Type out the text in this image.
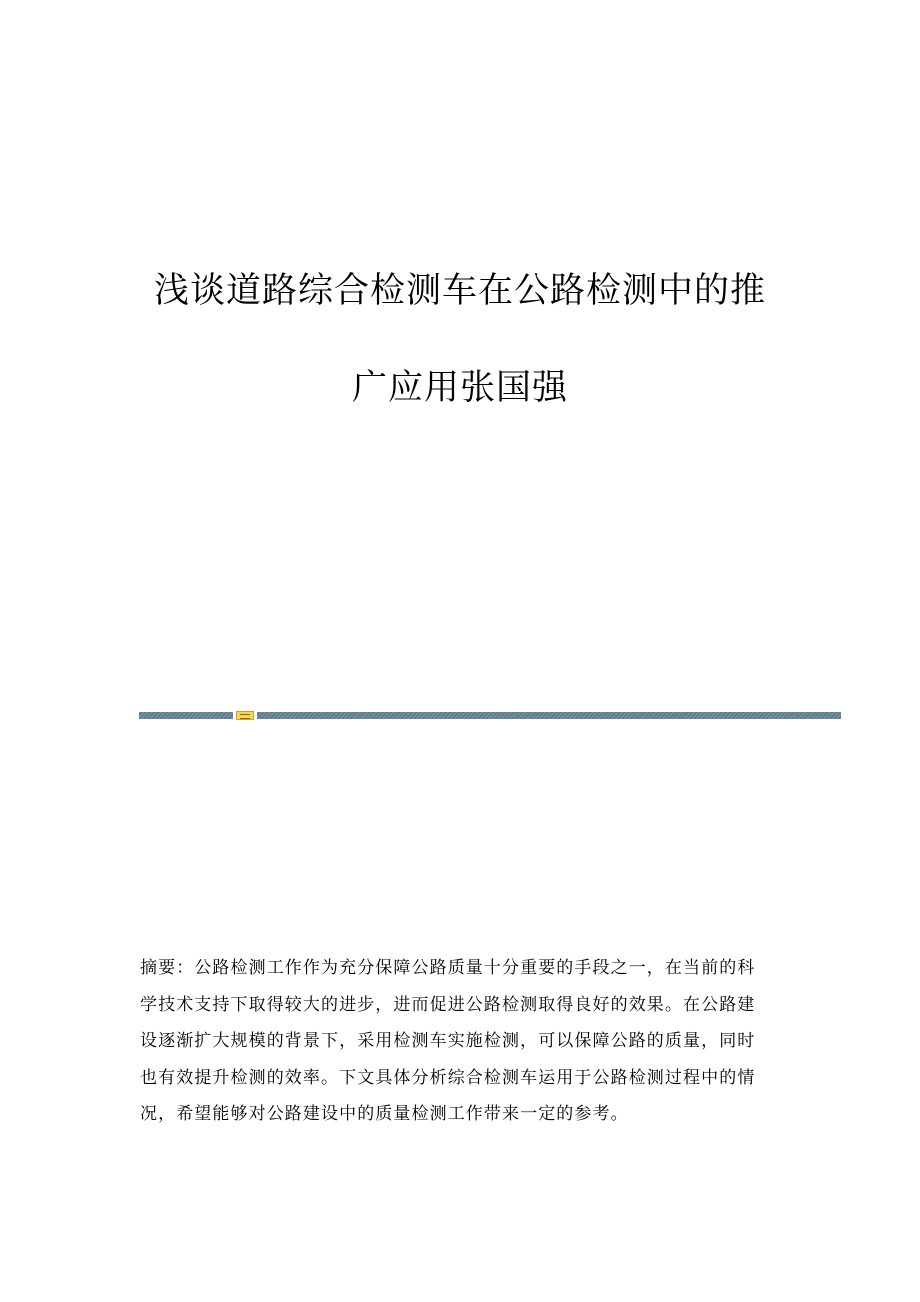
浅谈道路综合检测车在公路检测中的推
广应用张国强
摘要：公路检测工作作为充分保障公路质量十分重要的手段之一，在当前的科
学技术支持下取得较大的进步，进而促进公路检测取得良好的效果。在公路建
设逐渐扩大规模的背景下，采用检测车实施检测，可以保障公路的质量，同时
也有效提升检测的效率。下文具体分析综合检测车运用于公路检测过程中的情
况，希望能够对公路建设中的质量检测工作带来一定的参考。
